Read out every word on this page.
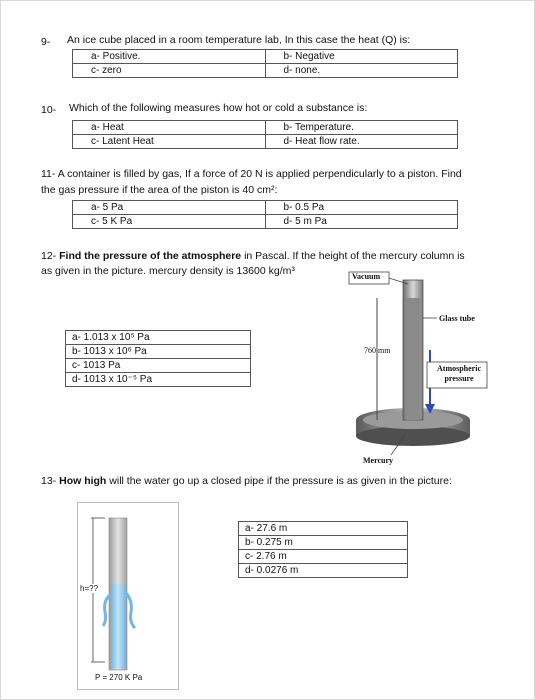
9- An ice cube placed in a room temperature lab, In this case the heat (Q) is:
a- Positive.	b- Negative
c- zero	d- none.
10- Which of the following measures how hot or cold a substance is:
a- Heat	b- Temperature.
c- Latent Heat	d- Heat flow rate.
11- A container is filled by gas, If a force of 20 N is applied perpendicularly to a piston. Find
the gas pressure if the area of the piston is 40 cm²:
a- 5 Pa	b- 0.5 Pa
c- 5 K Pa	d- 5 m Pa
12- Find the pressure of the atmosphere in Pascal. If the height of the mercury column is
as given in the picture. mercury density is 13600 kg/m³
a- 1.013 x 10⁵ Pa
b- 1013 x 10⁶ Pa
c- 1013 Pa
d- 1013 x 10⁻⁵ Pa
Vacuum
Glass tube
760 mm
Atmospheric
pressure
Mercury
13- How high will the water go up a closed pipe if the pressure is as given in the picture:
a- 27.6 m
b- 0.275 m
c- 2.76 m
d- 0.0276 m
h=??
P = 270 K Pa
